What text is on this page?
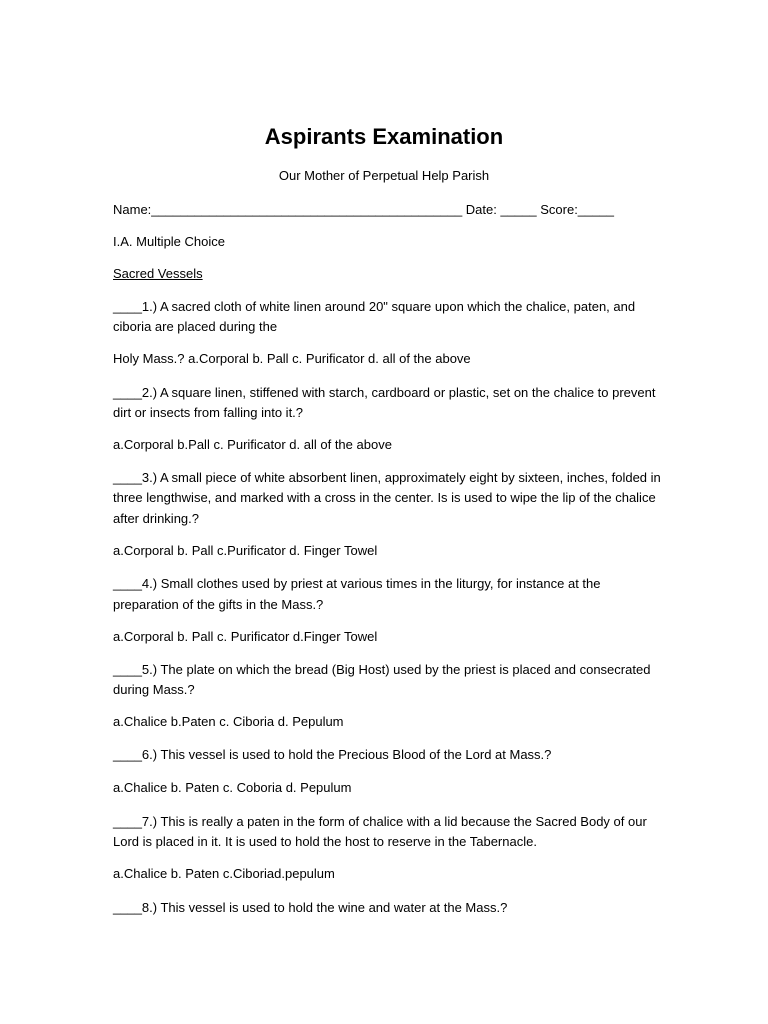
Aspirants Examination

Our Mother of Perpetual Help Parish

Name:___________________________________________ Date: _____ Score:_____

I.A. Multiple Choice

Sacred Vessels

____1.) A sacred cloth of white linen around 20" square upon which the chalice, paten, and

ciboria are placed during the

Holy Mass.? a.Corporal b. Pall c. Purificator d. all of the above

____2.) A square linen, stiffened with starch, cardboard or plastic, set on the chalice to prevent

dirt or insects from falling into it.?

a.Corporal b.Pall c. Purificator d. all of the above

____3.) A small piece of white absorbent linen, approximately eight by sixteen, inches, folded in

three lengthwise, and marked with a cross in the center. Is is used to wipe the lip of the chalice

after drinking.?

a.Corporal b. Pall c.Purificator d. Finger Towel

____4.) Small clothes used by priest at various times in the liturgy, for instance at the

preparation of the gifts in the Mass.?

a.Corporal b. Pall c. Purificator d.Finger Towel

____5.) The plate on which the bread (Big Host) used by the priest is placed and consecrated

during Mass.?

a.Chalice b.Paten c. Ciboria d. Pepulum

____6.) This vessel is used to hold the Precious Blood of the Lord at Mass.?

a.Chalice b. Paten c. Coboria d. Pepulum

____7.) This is really a paten in the form of chalice with a lid because the Sacred Body of our

Lord is placed in it. It is used to hold the host to reserve in the Tabernacle.

a.Chalice b. Paten c.Ciboriad.pepulum

____8.) This vessel is used to hold the wine and water at the Mass.?
